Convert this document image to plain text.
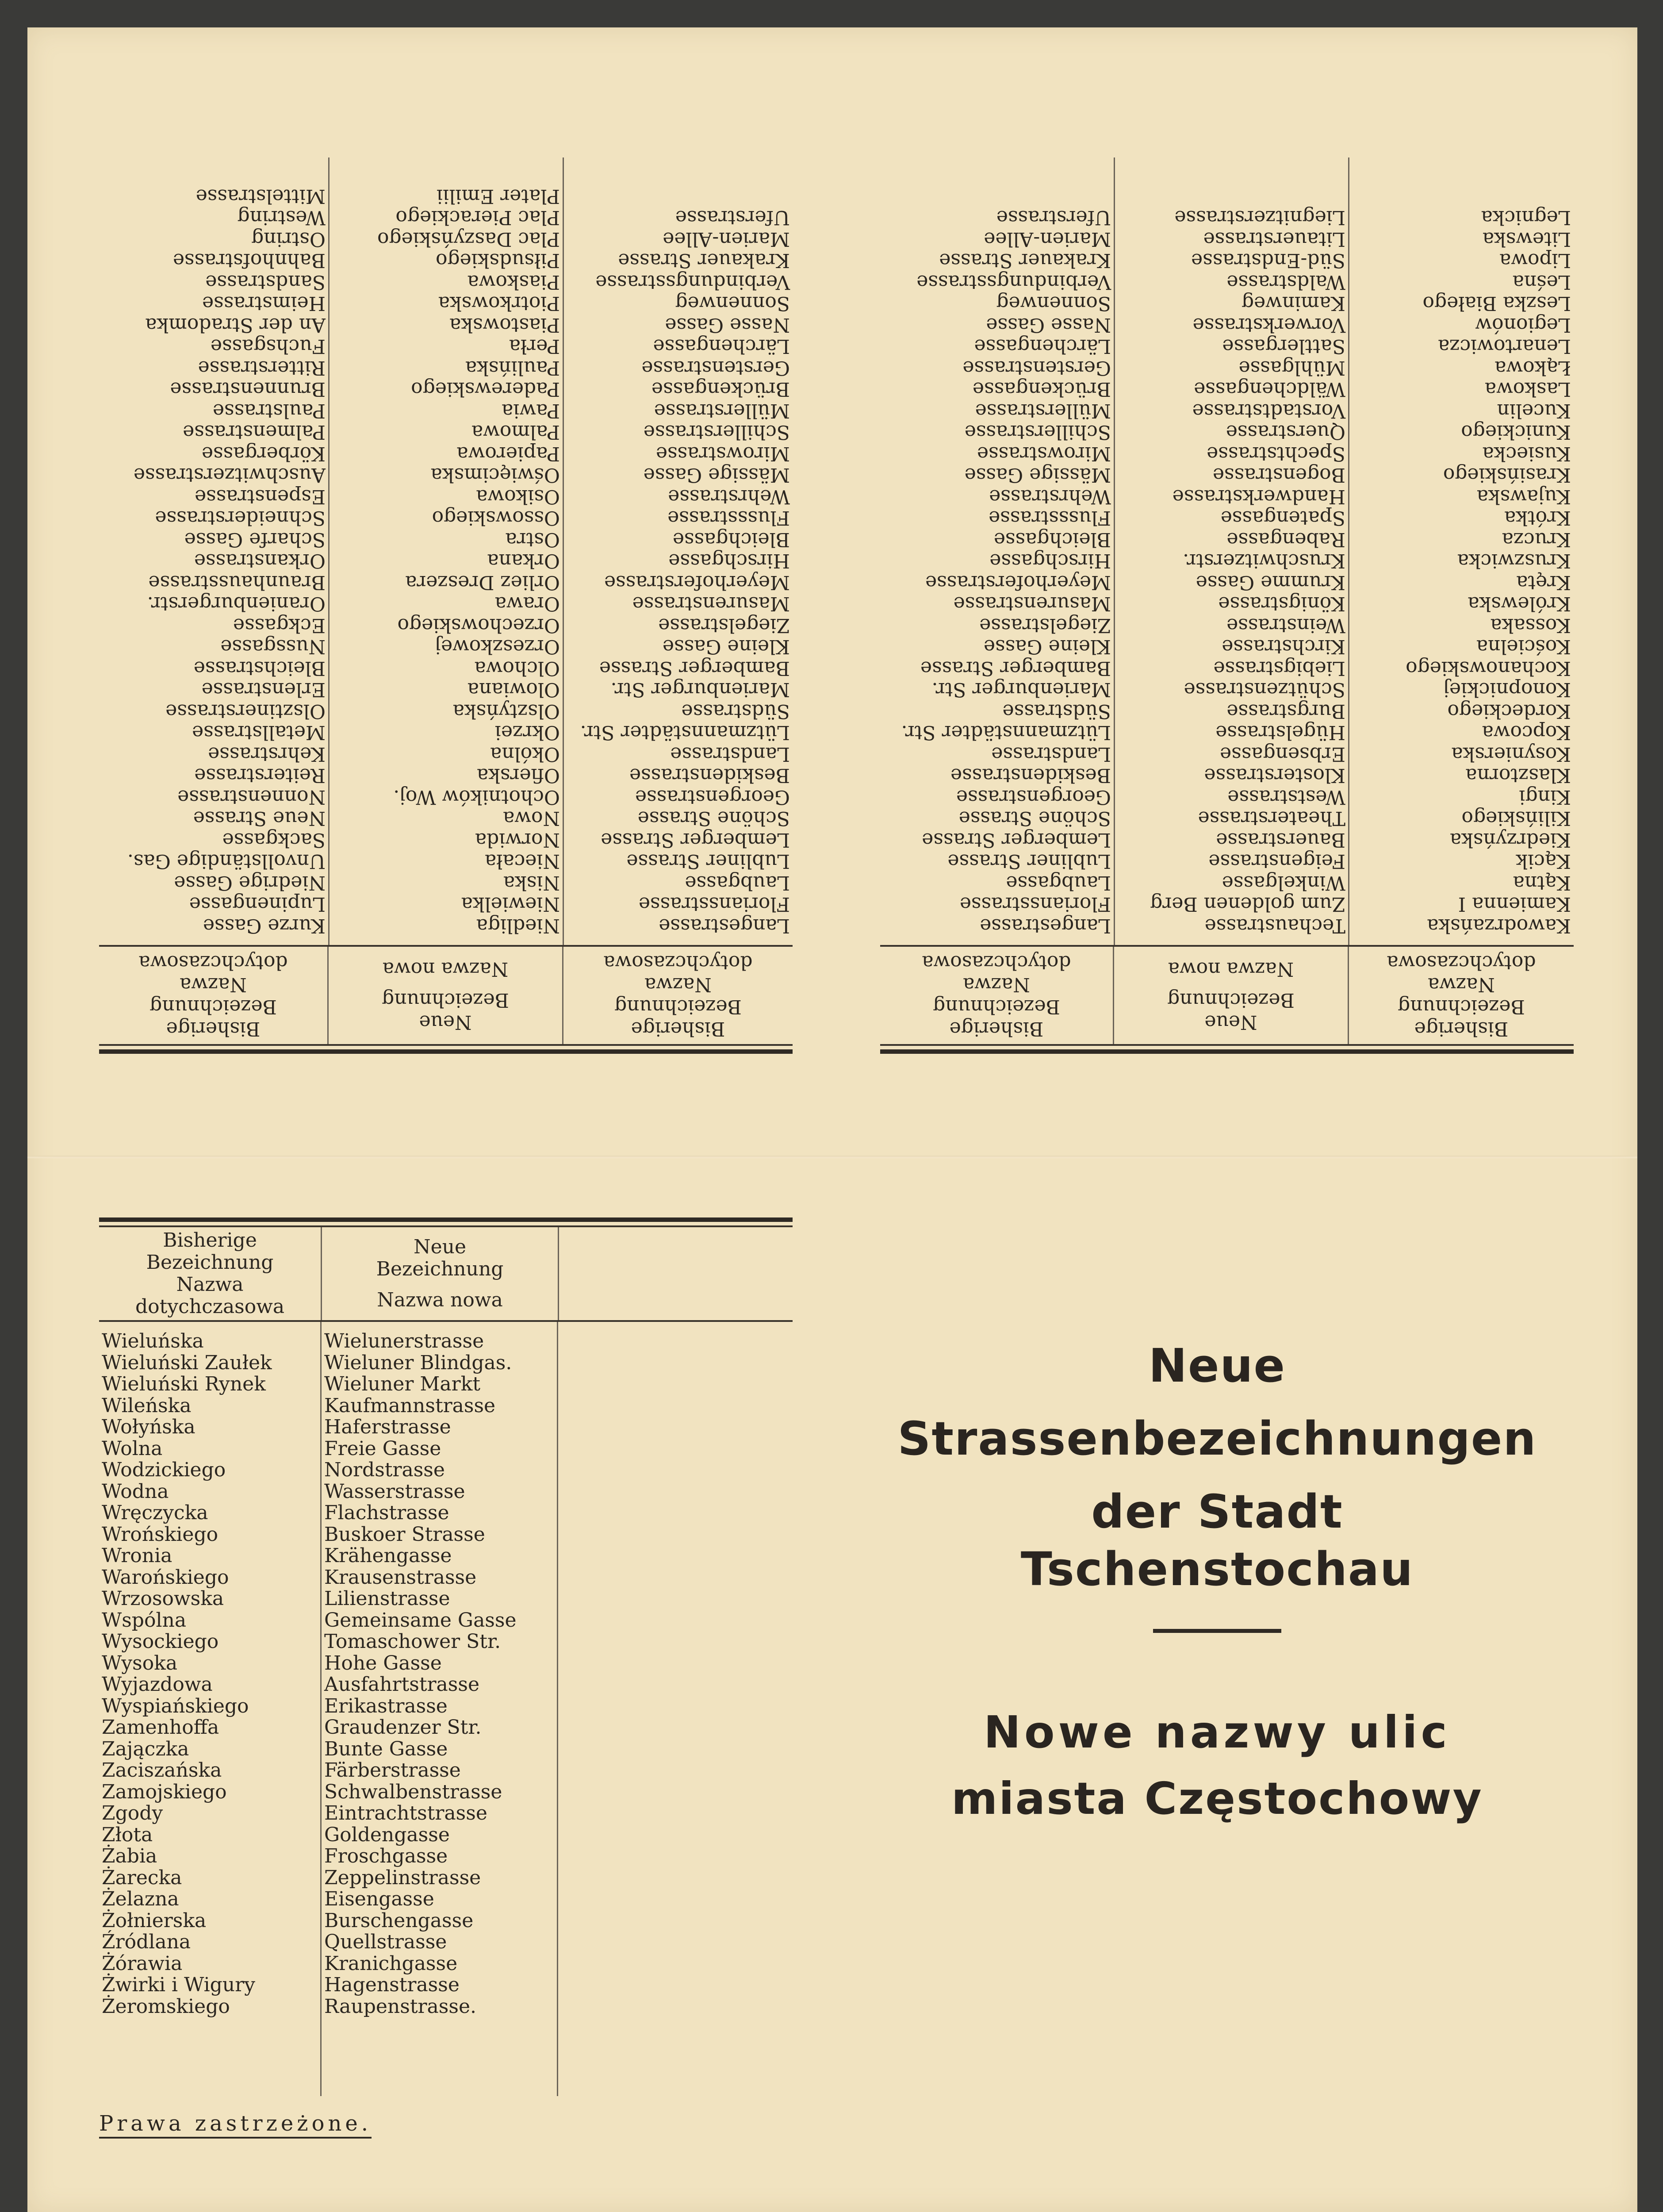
Bisherige
Bezeichnung
Nazwa
dotychczasowa
Neue
Bezeichnung
Nazwa nowa
Bisherige
Bezeichnung
Nazwa
dotychczasowa
Langestrasse
Floriansstrasse
Laubgasse
Lubliner Strasse
Lemberger Strasse
Schöne Strasse
Georgenstrasse
Beskidenstrasse
Landstrasse
Lützmannstädter Str.
Südstrasse
Marienburger Str.
Bamberger Strasse
Kleine Gasse
Ziegelstrasse
Masurenstrasse
Meyerhoferstrasse
Hirschgasse
Bleichgasse
Flussstrasse
Wehrstrasse
Mässige Gasse
Mirowstrasse
Schillerstrasse
Müllerstrasse
Brückengasse
Gerstenstrasse
Lärchengasse
Nasse Gasse
Sonnenweg
Verbindungsstrasse
Krakauer Strasse
Marien-Allee
Uferstrasse
Niedliga
Niewielka
Niska
Niecała
Norwida
Nowa
Ochotników Woj.
Ofierska
Okólna
Okrzei
Olsztyńska
Olowiana
Olchowa
Orzeszkowej
Orzechowskiego
Orawa
Orliez Dreszera
Orkana
Ostra
Ossowskiego
Osikowa
Oświęcimska
Papierowa
Palmowa
Pawia
Paderewskiego
Paulińska
Perła
Piastowska
Piotrkowska
Piaskowa
Piłsudskiego
Plac Daszyńskiego
Plac Pierackiego
Plater Emilii
Kurze Gasse
Lupinengasse
Niedrige Gasse
Unvollständige Gas.
Sackgasse
Neue Strasse
Nonnenstrasse
Reiterstrasse
Kehrstrasse
Metallstrasse
Olsztinerstrasse
Erlenstrasse
Bleichstrasse
Nussgasse
Eckgasse
Oranienburgerstr.
Braunhausstrasse
Orkanstrasse
Scharfe Gasse
Schneiderstrasse
Espenstrasse
Auschwitzerstrasse
Körbergasse
Palmenstrasse
Paulstrasse
Brunnenstrasse
Ritterstrasse
Fuchsgasse
An der Stradomka
Heimstrasse
Sandstrasse
Bahnhofstrasse
Ostring
Westring
Mittelstrasse
Bisherige
Bezeichnung
Nazwa
dotychczasowa
Neue
Bezeichnung
Nazwa nowa
Bisherige
Bezeichnung
Nazwa
dotychczasowa
Kawodrzańska
Kamienna I
Kątna
Kącik
Kiedrzyńska
Kilińskiego
Kingi
Klasztorna
Kosynierska
Kopcowa
Kordeckiego
Konopnickiej
Kochanowskiego
Kościelna
Kossaka
Królewska
Kręta
Kruszwicka
Krucza
Krótka
Kujawska
Krasińskiego
Kusiecka
Kunickiego
Kucelin
Laskowa
Łąkowa
Lenartowicza
Legionów
Leszka Białego
Leśna
Lipowa
Litewska
Legnicka
Techaustrasse
Zum goldenen Berg
Winkelgasse
Feigenstrasse
Bauerstrasse
Theaterstrasse
Weststrasse
Klosterstrasse
Erbsengasse
Hügelstrasse
Burgstrasse
Schützenstrasse
Liebigstrasse
Kirchstrasse
Weinstrasse
Königstrasse
Krumme Gasse
Kruschwitzerstr.
Rabengasse
Spatengasse
Handwerkstrasse
Bogenstrasse
Spechtstrasse
Querstrasse
Vorstadtstrasse
Wäldchengasse
Mühlgasse
Sattlergasse
Vorwerkstrasse
Kaminweg
Waldstrasse
Süd-Endstrasse
Litauerstrasse
Liegnitzerstrasse
Langestrasse
Floriansstrasse
Laubgasse
Lubliner Strasse
Lemberger Strasse
Schöne Strasse
Georgenstrasse
Beskidenstrasse
Landstrasse
Lützmannstädter Str.
Südstrasse
Marienburger Str.
Bamberger Strasse
Kleine Gasse
Ziegelstrasse
Masurenstrasse
Meyerhoferstrasse
Hirschgasse
Bleichgasse
Flussstrasse
Wehrstrasse
Mässige Gasse
Mirowstrasse
Schillerstrasse
Müllerstrasse
Brückengasse
Gerstenstrasse
Lärchengasse
Nasse Gasse
Sonnenweg
Verbindungsstrasse
Krakauer Strasse
Marien-Allee
Uferstrasse
Bisherige
Bezeichnung
Nazwa
dotychczasowa
Neue
Bezeichnung
Nazwa nowa
Wieluńska
Wieluński Zaułek
Wieluński Rynek
Wileńska
Wołyńska
Wolna
Wodzickiego
Wodna
Wręczycka
Wrońskiego
Wronia
Warońskiego
Wrzosowska
Wspólna
Wysockiego
Wysoka
Wyjazdowa
Wyspiańskiego
Zamenhoffa
Zajączka
Zaciszańska
Zamojskiego
Zgody
Złota
Żabia
Żarecka
Żelazna
Żołnierska
Źródlana
Żórawia
Żwirki i Wigury
Żeromskiego
Wielunerstrasse
Wieluner Blindgas.
Wieluner Markt
Kaufmannstrasse
Haferstrasse
Freie Gasse
Nordstrasse
Wasserstrasse
Flachstrasse
Buskoer Strasse
Krähengasse
Krausenstrasse
Lilienstrasse
Gemeinsame Gasse
Tomaschower Str.
Hohe Gasse
Ausfahrtstrasse
Erikastrasse
Graudenzer Str.
Bunte Gasse
Färberstrasse
Schwalbenstrasse
Eintrachtstrasse
Goldengasse
Froschgasse
Zeppelinstrasse
Eisengasse
Burschengasse
Quellstrasse
Kranichgasse
Hagenstrasse
Raupenstrasse.
Prawa zastrzeżone.
Neue
Strassenbezeichnungen
der Stadt Tschenstochau
Nowe nazwy ulic
miasta Częstochowy
